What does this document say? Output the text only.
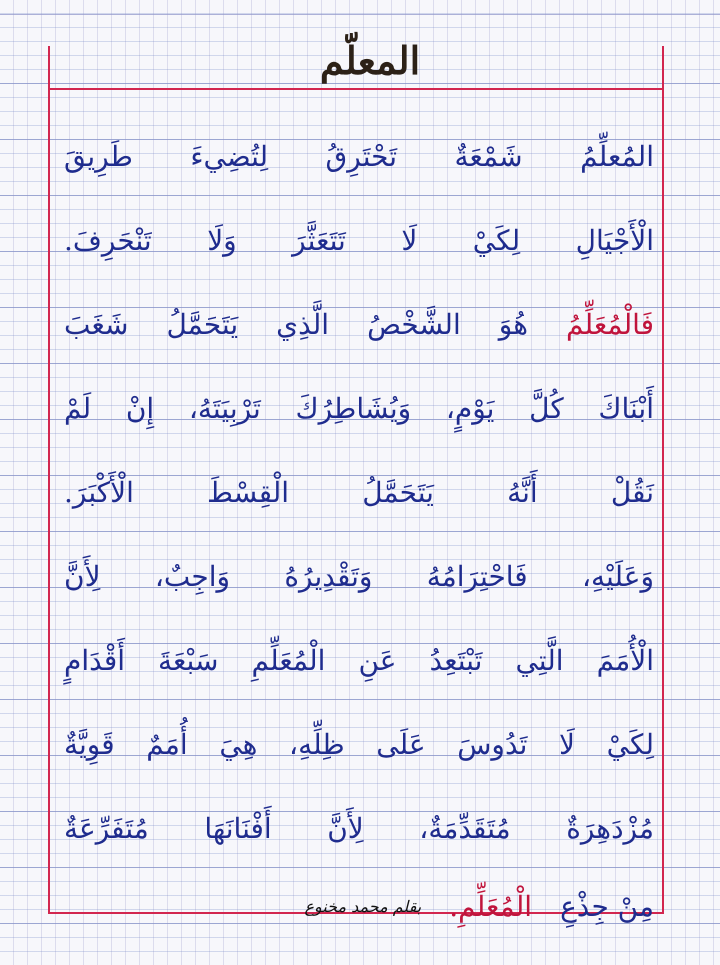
المعلّم
المُعلِّمُ شَمْعَةٌ تَحْتَرِقُ لِتُضِيءَ طَرِيقَ
الْأَجْيَالِ لِكَيْ لَا تَتَعَثَّرَ وَلَا تَنْحَرِفَ.
فَالْمُعَلِّمُ هُوَ الشَّخْصُ الَّذِي يَتَحَمَّلُ شَغَبَ
أَبْنَاكَ كُلَّ يَوْمٍ، وَيُشَاطِرُكَ تَرْبِيَتَهُ، إِنْ لَمْ
نَقُلْ أَنَّهُ يَتَحَمَّلُ الْقِسْطَ الْأَكْبَرَ.
وَعَلَيْهِ، فَاحْتِرَامُهُ وَتَقْدِيرُهُ وَاجِبٌ، لِأَنَّ
الْأُمَمَ الَّتِي تَبْتَعِدُ عَنِ الْمُعَلِّمِ سَبْعَةَ أَقْدَامٍ
لِكَيْ لَا تَدُوسَ عَلَى ظِلِّهِ، هِيَ أُمَمٌ قَوِيَّةٌ
مُزْدَهِرَةٌ مُتَقَدِّمَةٌ، لِأَنَّ أَفْنَانَهَا مُتَفَرِّعَةٌ
مِنْ جِذْعِ
الْمُعَلِّمِ.
بقلم محمد مخنوع
